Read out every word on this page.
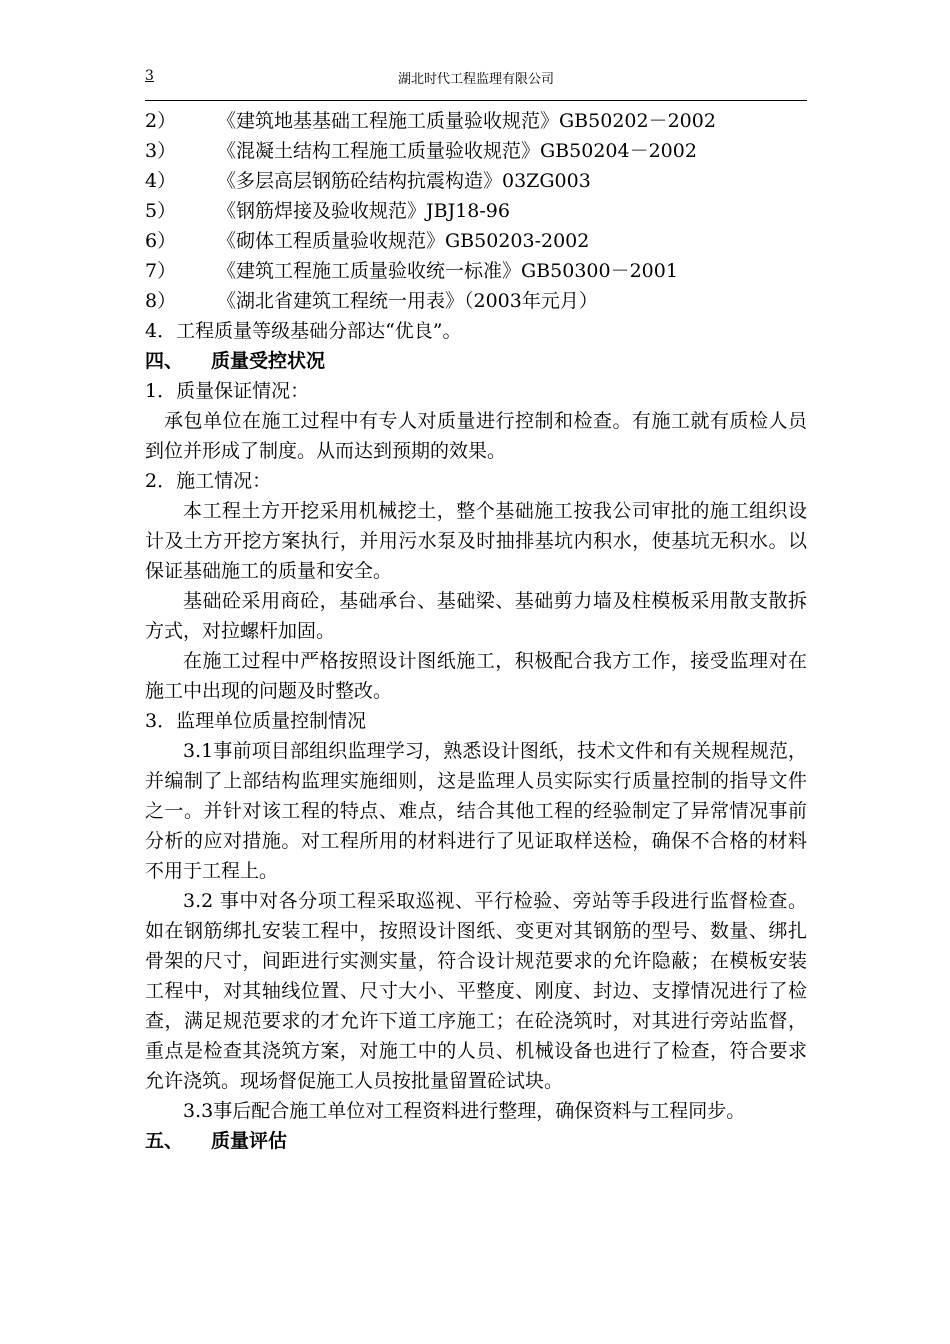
3	湖北时代工程监理有限公司
2）	《建筑地基基础工程施工质量验收规范》GB50202－2002
3）	《混凝土结构工程施工质量验收规范》GB50204－2002
4）	《多层高层钢筋砼结构抗震构造》03ZG003
5）	《钢筋焊接及验收规范》JBJ18-96
6）	《砌体工程质量验收规范》GB50203-2002
7）	《建筑工程施工质量验收统一标准》GB50300－2001
8）	《湖北省建筑工程统一用表》（2003年元月）
4．工程质量等级基础分部达“优良”。
四、 质量受控状况
1．质量保证情况：
承包单位在施工过程中有专人对质量进行控制和检查。有施工就有质检人员到位并形成了制度。从而达到预期的效果。
2．施工情况：
本工程土方开挖采用机械挖土，整个基础施工按我公司审批的施工组织设计及土方开挖方案执行，并用污水泵及时抽排基坑内积水，使基坑无积水。以保证基础施工的质量和安全。
基础砼采用商砼，基础承台、基础梁、基础剪力墙及柱模板采用散支散拆方式，对拉螺杆加固。
在施工过程中严格按照设计图纸施工，积极配合我方工作，接受监理对在施工中出现的问题及时整改。
3．监理单位质量控制情况
3.1事前项目部组织监理学习，熟悉设计图纸，技术文件和有关规程规范，并编制了上部结构监理实施细则，这是监理人员实际实行质量控制的指导文件之一。并针对该工程的特点、难点，结合其他工程的经验制定了异常情况事前分析的应对措施。对工程所用的材料进行了见证取样送检，确保不合格的材料不用于工程上。
3.2 事中对各分项工程采取巡视、平行检验、旁站等手段进行监督检查。如在钢筋绑扎安装工程中，按照设计图纸、变更对其钢筋的型号、数量、绑扎骨架的尺寸，间距进行实测实量，符合设计规范要求的允许隐蔽；在模板安装工程中，对其轴线位置、尺寸大小、平整度、刚度、封边、支撑情况进行了检查，满足规范要求的才允许下道工序施工；在砼浇筑时，对其进行旁站监督，重点是检查其浇筑方案，对施工中的人员、机械设备也进行了检查，符合要求允许浇筑。现场督促施工人员按批量留置砼试块。
3.3事后配合施工单位对工程资料进行整理，确保资料与工程同步。
五、 质量评估
